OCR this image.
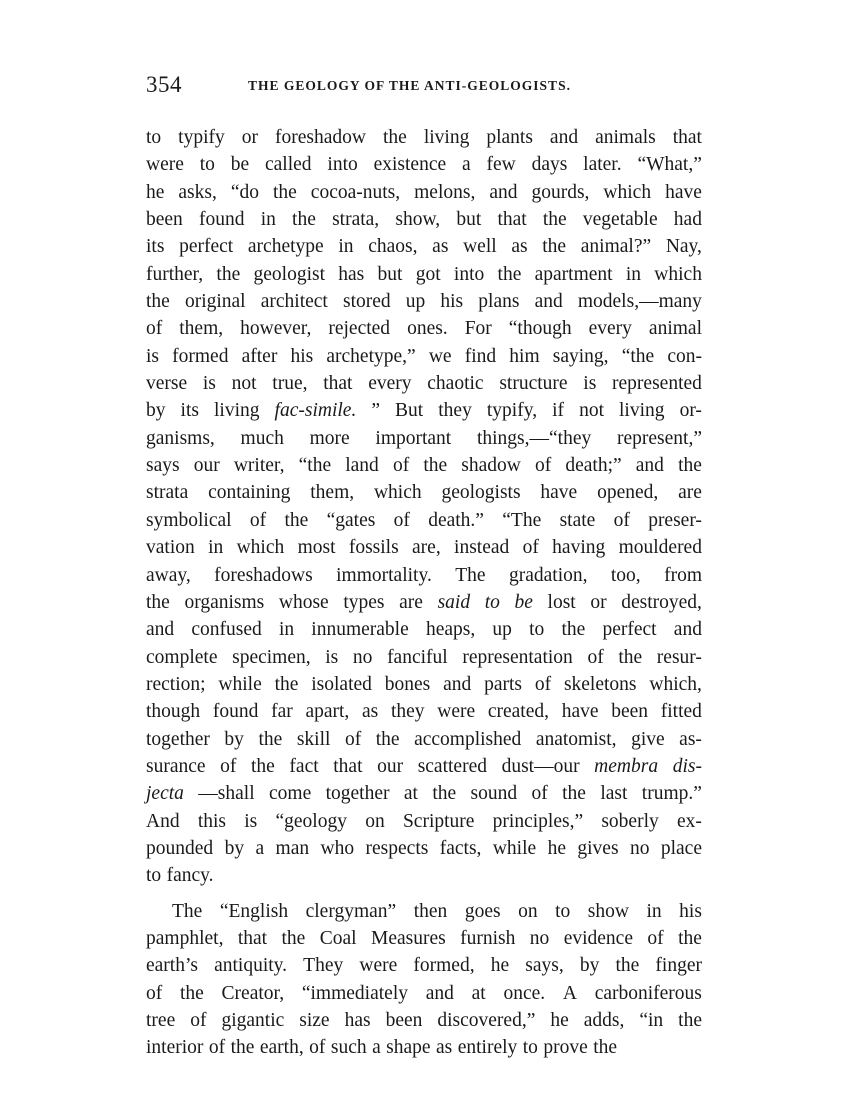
354	THE GEOLOGY OF THE ANTI-GEOLOGISTS.
to typify or foreshadow the living plants and animals that
were to be called into existence a few days later. “What,”
he asks, “do the cocoa-nuts, melons, and gourds, which have
been found in the strata, show, but that the vegetable had
its perfect archetype in chaos, as well as the animal?” Nay,
further, the geologist has but got into the apartment in which
the original architect stored up his plans and models,—many
of them, however, rejected ones. For “though every animal
is formed after his archetype,” we find him saying, “the con-
verse is not true, that every chaotic structure is represented
by its living fac-simile. ” But they typify, if not living or-
ganisms, much more important things,—“they represent,”
says our writer, “the land of the shadow of death;” and the
strata containing them, which geologists have opened, are
symbolical of the “gates of death.” “The state of preser-
vation in which most fossils are, instead of having mouldered
away, foreshadows immortality. The gradation, too, from
the organisms whose types are said to be lost or destroyed,
and confused in innumerable heaps, up to the perfect and
complete specimen, is no fanciful representation of the resur-
rection; while the isolated bones and parts of skeletons which,
though found far apart, as they were created, have been fitted
together by the skill of the accomplished anatomist, give as-
surance of the fact that our scattered dust—our membra dis-
jecta —shall come together at the sound of the last trump.”
And this is “geology on Scripture principles,” soberly ex-
pounded by a man who respects facts, while he gives no place
to fancy.
The “English clergyman” then goes on to show in his
pamphlet, that the Coal Measures furnish no evidence of the
earth’s antiquity. They were formed, he says, by the finger
of the Creator, “immediately and at once. A carboniferous
tree of gigantic size has been discovered,” he adds, “in the
interior of the earth, of such a shape as entirely to prove the
